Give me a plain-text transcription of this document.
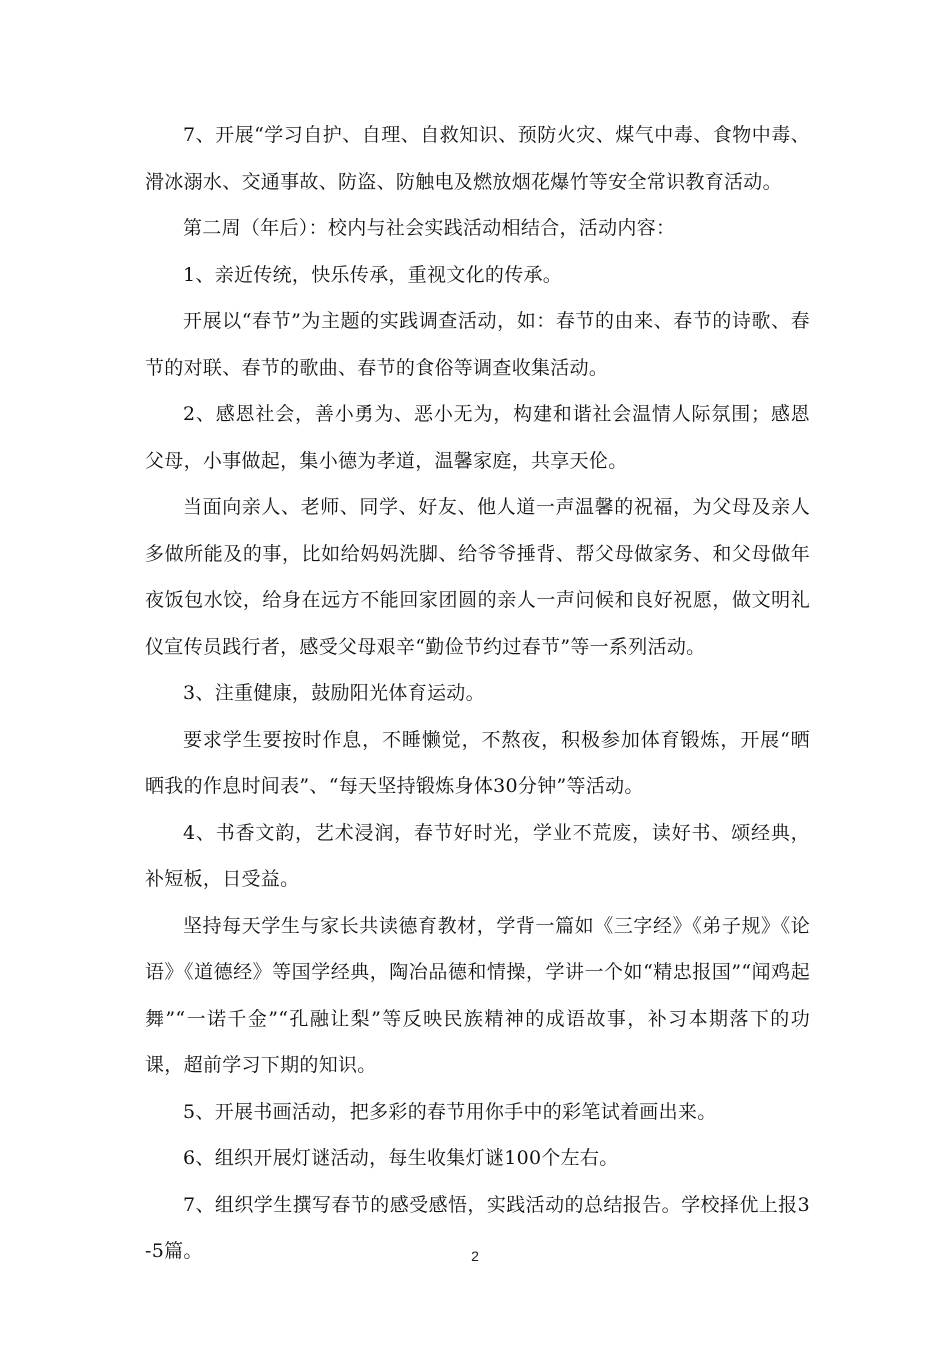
7、开展“学习自护、自理、自救知识、预防火灾、煤气中毒、食物中毒、滑冰溺水、交通事故、防盗、防触电及燃放烟花爆竹等安全常识教育活动。

第二周（年后）：校内与社会实践活动相结合，活动内容：

1、亲近传统，快乐传承，重视文化的传承。

开展以“春节”为主题的实践调查活动，如：春节的由来、春节的诗歌、春节的对联、春节的歌曲、春节的食俗等调查收集活动。

2、感恩社会，善小勇为、恶小无为，构建和谐社会温情人际氛围；感恩父母，小事做起，集小德为孝道，温馨家庭，共享天伦。

当面向亲人、老师、同学、好友、他人道一声温馨的祝福，为父母及亲人多做所能及的事，比如给妈妈洗脚、给爷爷捶背、帮父母做家务、和父母做年夜饭包水饺，给身在远方不能回家团圆的亲人一声问候和良好祝愿，做文明礼仪宣传员践行者，感受父母艰辛“勤俭节约过春节”等一系列活动。

3、注重健康，鼓励阳光体育运动。

要求学生要按时作息，不睡懒觉，不熬夜，积极参加体育锻炼，开展“晒晒我的作息时间表”、“每天坚持锻炼身体30分钟”等活动。

4、书香文韵，艺术浸润，春节好时光，学业不荒废，读好书、颂经典，补短板，日受益。

坚持每天学生与家长共读德育教材，学背一篇如《三字经》《弟子规》《论语》《道德经》等国学经典，陶冶品德和情操，学讲一个如“精忠报国”“闻鸡起舞”“一诺千金”“孔融让梨”等反映民族精神的成语故事，补习本期落下的功课，超前学习下期的知识。

5、开展书画活动，把多彩的春节用你手中的彩笔试着画出来。

6、组织开展灯谜活动，每生收集灯谜100个左右。

7、组织学生撰写春节的感受感悟，实践活动的总结报告。学校择优上报3-5篇。	2
